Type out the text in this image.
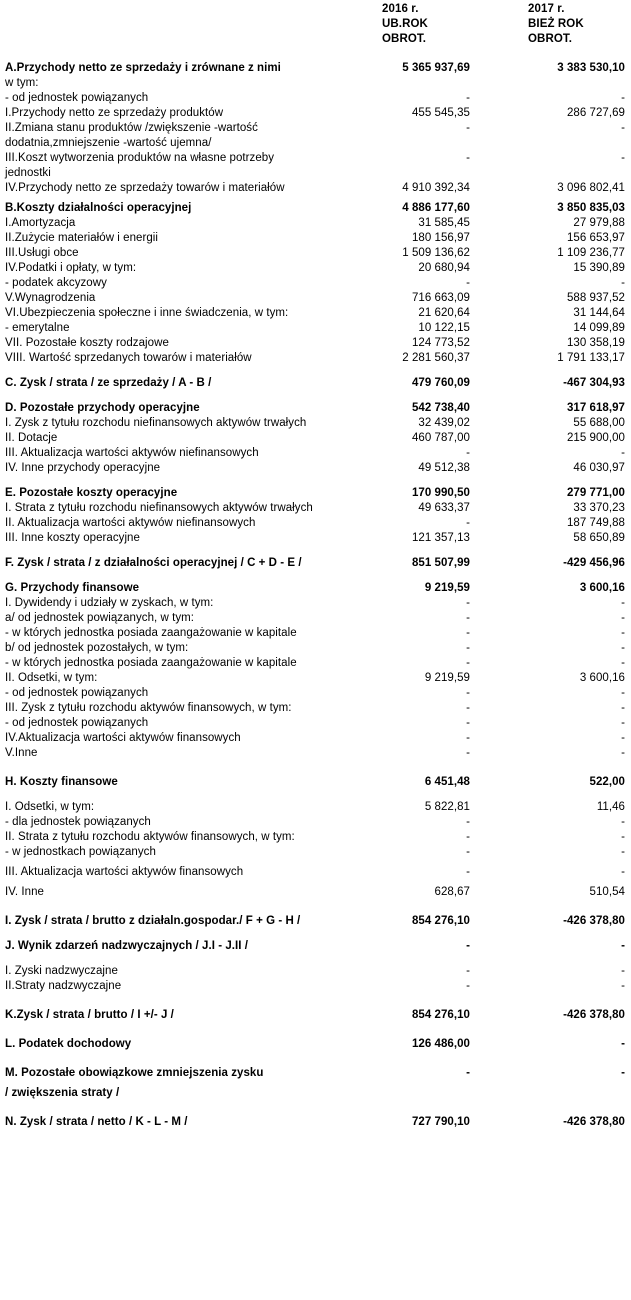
2016 r.
UB.ROK
OBROT.
2017 r.
BIEŻ ROK
OBROT.
A.Przychody netto ze sprzedaży i zrównane z nimi	5 365 937,69	3 383 530,10
w tym:
- od jednostek powiązanych	-	-
I.Przychody netto ze sprzedaży produktów	455 545,35	286 727,69
II.Zmiana stanu produktów /zwiększenie -wartość	-	-
dodatnia,zmniejszenie -wartość ujemna/
III.Koszt wytworzenia produktów na własne potrzeby	-	-
jednostki
IV.Przychody netto ze sprzedaży towarów i materiałów	4 910 392,34	3 096 802,41
B.Koszty działalności operacyjnej	4 886 177,60	3 850 835,03
I.Amortyzacja	31 585,45	27 979,88
II.Zużycie materiałów i energii	180 156,97	156 653,97
III.Usługi obce	1 509 136,62	1 109 236,77
IV.Podatki i opłaty, w tym:	20 680,94	15 390,89
- podatek akcyzowy	-	-
V.Wynagrodzenia	716 663,09	588 937,52
VI.Ubezpieczenia społeczne i inne świadczenia, w tym:	21 620,64	31 144,64
- emerytalne	10 122,15	14 099,89
VII. Pozostałe koszty rodzajowe	124 773,52	130 358,19
VIII. Wartość sprzedanych towarów i materiałów	2 281 560,37	1 791 133,17
C. Zysk / strata / ze sprzedaży / A - B /	479 760,09	-467 304,93
D. Pozostałe przychody operacyjne	542 738,40	317 618,97
I. Zysk z tytułu rozchodu niefinansowych aktywów trwałych	32 439,02	55 688,00
II. Dotacje	460 787,00	215 900,00
III. Aktualizacja wartości aktywów niefinansowych	-	-
IV. Inne przychody operacyjne	49 512,38	46 030,97
E. Pozostałe koszty operacyjne	170 990,50	279 771,00
I. Strata z tytułu rozchodu niefinansowych aktywów trwałych	49 633,37	33 370,23
II. Aktualizacja wartości aktywów niefinansowych	-	187 749,88
III. Inne koszty operacyjne	121 357,13	58 650,89
F. Zysk / strata / z działalności operacyjnej / C + D - E /	851 507,99	-429 456,96
G. Przychody finansowe	9 219,59	3 600,16
I. Dywidendy i udziały w zyskach, w tym:	-	-
a/ od jednostek powiązanych, w tym:	-	-
- w których jednostka posiada zaangażowanie w kapitale	-	-
b/ od jednostek pozostałych, w tym:	-	-
- w których jednostka posiada zaangażowanie w kapitale	-	-
II. Odsetki, w tym:	9 219,59	3 600,16
- od jednostek powiązanych	-	-
III. Zysk z tytułu rozchodu aktywów finansowych, w tym:	-	-
- od jednostek powiązanych	-	-
IV.Aktualizacja wartości aktywów finansowych	-	-
V.Inne	-	-
H. Koszty finansowe	6 451,48	522,00
I. Odsetki, w tym:	5 822,81	11,46
- dla jednostek powiązanych	-	-
II. Strata z tytułu rozchodu aktywów finansowych, w tym:	-	-
- w jednostkach powiązanych	-	-
III. Aktualizacja wartości aktywów finansowych	-	-
IV. Inne	628,67	510,54
I. Zysk / strata / brutto z działaln.gospodar./ F + G - H /	854 276,10	-426 378,80
J. Wynik zdarzeń nadzwyczajnych / J.I - J.II /	-	-
I. Zyski nadzwyczajne	-	-
II.Straty nadzwyczajne	-	-
K.Zysk / strata / brutto / I +/- J /	854 276,10	-426 378,80
L. Podatek dochodowy	126 486,00	-
M. Pozostałe obowiązkowe zmniejszenia zysku	-	-
/ zwiększenia straty /
N. Zysk / strata / netto / K - L - M /	727 790,10	-426 378,80
